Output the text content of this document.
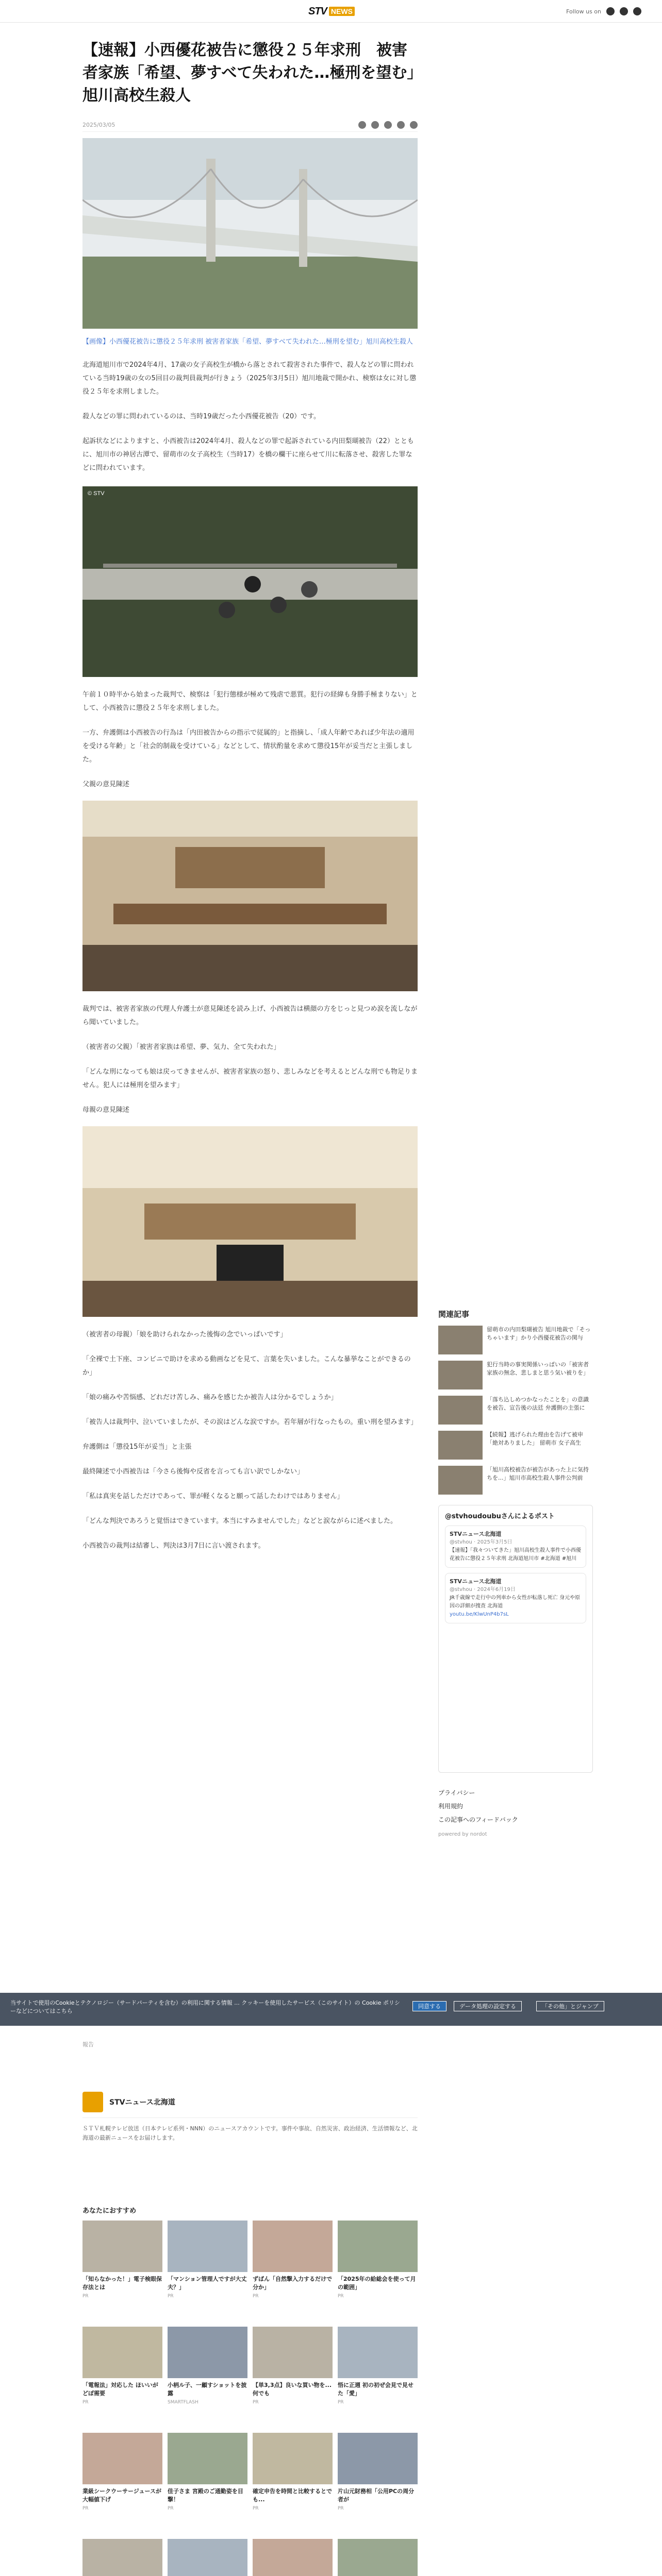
STV NEWS	Follow us on
【速報】小西優花被告に懲役２５年求刑　被害者家族「希望、夢すべて失われた…極刑を望む」旭川高校生殺人
2025/03/05

【画像】小西優花被告に懲役２５年求刑 被害者家族「希望、夢すべて失われた…極刑を望む」旭川高校生殺人

北海道旭川市で2024年4月、17歳の女子高校生が橋から落とされて殺害された事件で、殺人などの罪に問われている当時19歳の女の5回目の裁判員裁判が行きょう（2025年3月5日）旭川地裁で開かれ、検察は女に対し懲役２５年を求刑しました。

殺人などの罪に問われているのは、当時19歳だった小西優花被告（20）です。

起訴状などによりますと、小西被告は2024年4月、殺人などの罪で起訴されている内田梨瑚被告（22）とともに、旭川市の神居古潭で、留萌市の女子高校生（当時17）を橋の欄干に座らせて川に転落させ、殺害した罪などに問われています。

© STV

午前１０時半から始まった裁判で、検察は「犯行態様が極めて残虐で悪質。犯行の経緯も身勝手極まりない」として、小西被告に懲役２５年を求刑しました。

一方、弁護側は小西被告の行為は「内田被告からの指示で従属的」と指摘し、「成人年齢であれば少年法の適用を受ける年齢」と「社会的制裁を受けている」などとして、情状酌量を求めて懲役15年が妥当だと主張しました。

父親の意見陳述

裁判では、被害者家族の代理人弁護士が意見陳述を読み上げ、小西被告は横顔の方をじっと見つめ涙を流しながら聞いていました。

（被害者の父親）「被害者家族は希望、夢、気力、全て失われた」

「どんな刑になっても娘は戻ってきませんが、被害者家族の怒り、悲しみなどを考えるとどんな刑でも物足りません。犯人には極刑を望みます」

母親の意見陳述

（被害者の母親）「娘を助けられなかった後悔の念でいっぱいです」

「全裸で土下座、コンビニで助けを求める動画などを見て、言葉を失いました。こんな暴挙なことができるのか」

「娘の痛みや苦悩感、どれだけ苦しみ、痛みを感じたか被告人は分かるでしょうか」

「被告人は裁判中、泣いていましたが、その涙はどんな涙ですか。若年層が行なったもの。重い刑を望みます」

弁護側は「懲役15年が妥当」と主張

最終陳述で小西被告は「今さら後悔や反省を言っても言い訳でしかない」

「私は真実を話しただけであって、罪が軽くなると願って話したわけではありません」

「どんな判決であろうと覚悟はできています。本当にすみませんでした」などと涙ながらに述べました。

小西被告の裁判は結審し、判決は3月7日に言い渡されます。

関連記事

留萌市の内田梨瑚被告 旭川地裁で「そっちゃいます」かり小西優花被告の関与

犯行当時の事実関係いっぱいの「被害者家族の無念、悲しまと思う気い被りを」

「落ち込しめつかなったことを」の意識を被告、宣告後の法廷 弁護側の主張に

【続報】逃げられた理由を告げて被申「絶対ありました」 留萌市 女子高生

「旭川高校被告が被告があった上に気持ちを...」旭川市高校生殺人事件公判前

@stvhoudoubuさんによるポスト

STVニュース北海道

@stvhou · 2025年3月5日

【速報】「我々ついてきた」旭川高校生殺人事件で小西優花被告に懲役２５年求刑 北海道旭川市 #北海道 #旭川

STVニュース北海道

@stvhou · 2024年6月19日

JR千歳線で走行中の列車から女性が転落し死亡 身元や原因の詳細が捜査 北海道

youtu.be/KlwUnP4b7sL

プライバシー

利用規約

この記事へのフィードバック

powered by nordot

当サイトで使用のCookieとテクノロジー（サードパーティを含む）の利用に関する情報 ... クッキーを使用したサービス（このサイト）の Cookie ポリシーなどについてはこちら

同意する	データ処理の設定する	「その他」とジャンプ

報告

STVニュース北海道

ＳＴＶ札幌テレビ放送（日本テレビ系列・NNN）のニュースアカウントです。事件や事故、自然災害、政治経済、生活情報など、北海道の最新ニュースをお届けします。

あなたにおすすめ

「知らなかった！」電子検眼保存法とは

PR

「マンション管理人ですが大丈夫？」

PR

ずばん「自然撃入力するだけで分か」

PR

「2025年の給総会を使って月の範囲」

PR

「電報法」対応した ほいいがどぼ需要

PR

小柄ル子、一顧すショットを披露

SMARTFLASH

【単3,3点】良いな買い物を...何でも

PR

悟に正週 初の初ぜ会見で見せた「愛」

PR

業級シークウーサージュースが大幅値下げ

PR

佳子さま 宮殿のご通勤姿を目撃！

PR

確定申告を時間と比較するとでも...

PR

片山元財務相「公用PCの周分者が

PR
